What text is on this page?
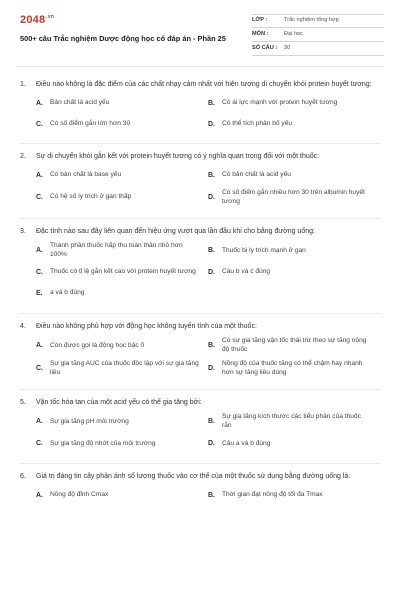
$2048^{.vn}$
500+ câu Trắc nghiệm Dược động học có đáp án - Phần 25
LỚP :	Trắc nghiệm tổng hợp
MÔN :	Đại học
SỐ CÂU :	30
1.	Điều nào không là đặc điểm của các chất nhạy cảm nhất với hiện tượng di chuyển khỏi protein huyết tương:
A.	Bản chất là acid yếu	B.	Có ái lực mạnh với protein huyết tương
C.	Có số điểm gắn lớn hơn 30	D.	Có thể tích phân bố yếu
2.	Sự di chuyển khỏi gắn kết với protein huyết tương có ý nghĩa quan trọng đối với một thuốc:
A.	Có bản chất là base yếu	B.	Có bản chất là acid yếu
C.	Có hệ số ly trích ở gan thấp	D.
Có số điểm gắn nhiều hơn 30 trên albumin huyết tương
3.	Đặc tính nào sau đây liên quan đến hiệu ứng vượt qua lần đầu khi cho bằng đường uống:
A.
Thành phần thuốc hấp thu toàn thân nhỏ hơn 100%
B.	Thuốc bị ly trích mạnh ở gan
C.	Thuốc có tỉ lệ gắn kết cao với protein huyết tương	D.	Câu b và c đúng
E.	a và b đúng
4.	Điều nào không phù hợp với động học không tuyến tính của một thuốc:
A.	Còn được gọi là động học bậc 0	B.
Có sự gia tăng vận tốc thải trừ theo sự tăng nồng độ thuốc
C.
Sự gia tăng AUC của thuốc độc lập với sự gia tăng liều
D.
Nồng độ của thuốc tăng có thể chậm hay nhanh hơn sự tăng liều dùng
5.	Vận tốc hòa tan của một acid yếu có thể gia tăng bởi:
A.	Sự gia tăng pH môi trường	B.
Sự gia tăng kích thước các tiểu phân của thuốc rắn
C.	Sự gia tăng độ nhớt của môi trường	D.	Câu a và b đúng
6.	Giá trị đáng tin cậy phản ánh số lượng thuốc vào cơ thể của một thuốc sử dụng bằng đường uống là:
A.	Nồng độ đỉnh Cmax	B.	Thời gian đạt nồng độ tối đa Tmax
